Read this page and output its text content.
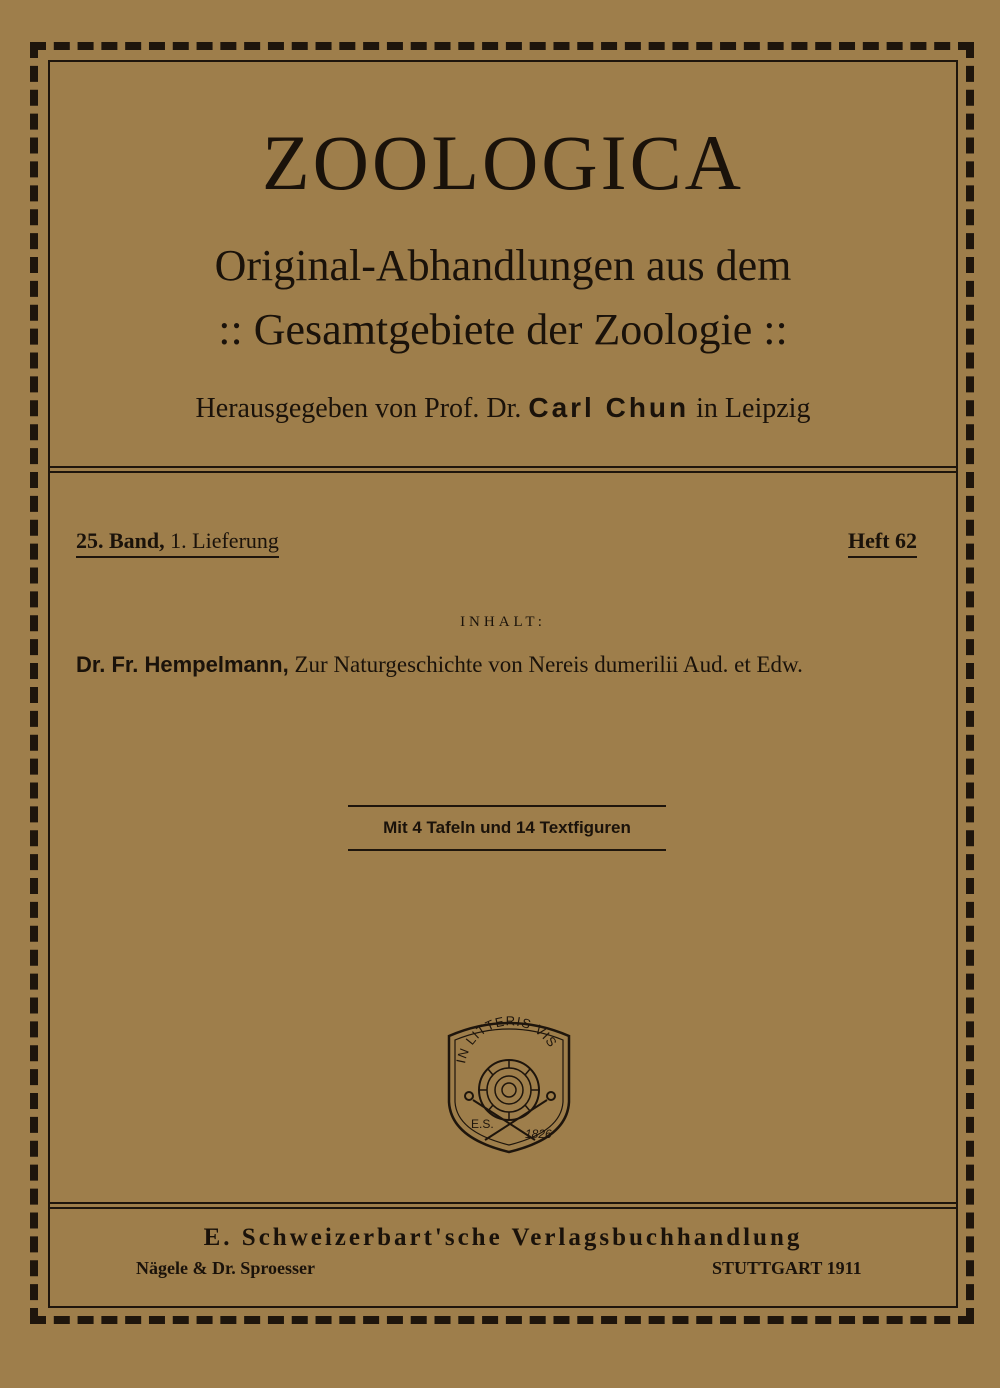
ZOOLOGICA
Original-Abhandlungen aus dem
:: Gesamtgebiete der Zoologie ::
Herausgegeben von Prof. Dr. Carl Chun in Leipzig
25. Band, 1. Lieferung	Heft 62
INHALT:
Dr. Fr. Hempelmann, Zur Naturgeschichte von Nereis dumerilii Aud. et Edw.
Mit 4 Tafeln und 14 Textfiguren
IN LITTERIS VIS
E.S.
1826
E. Schweizerbart'sche Verlagsbuchhandlung
Nägele & Dr. Sproesser	STUTTGART 1911
